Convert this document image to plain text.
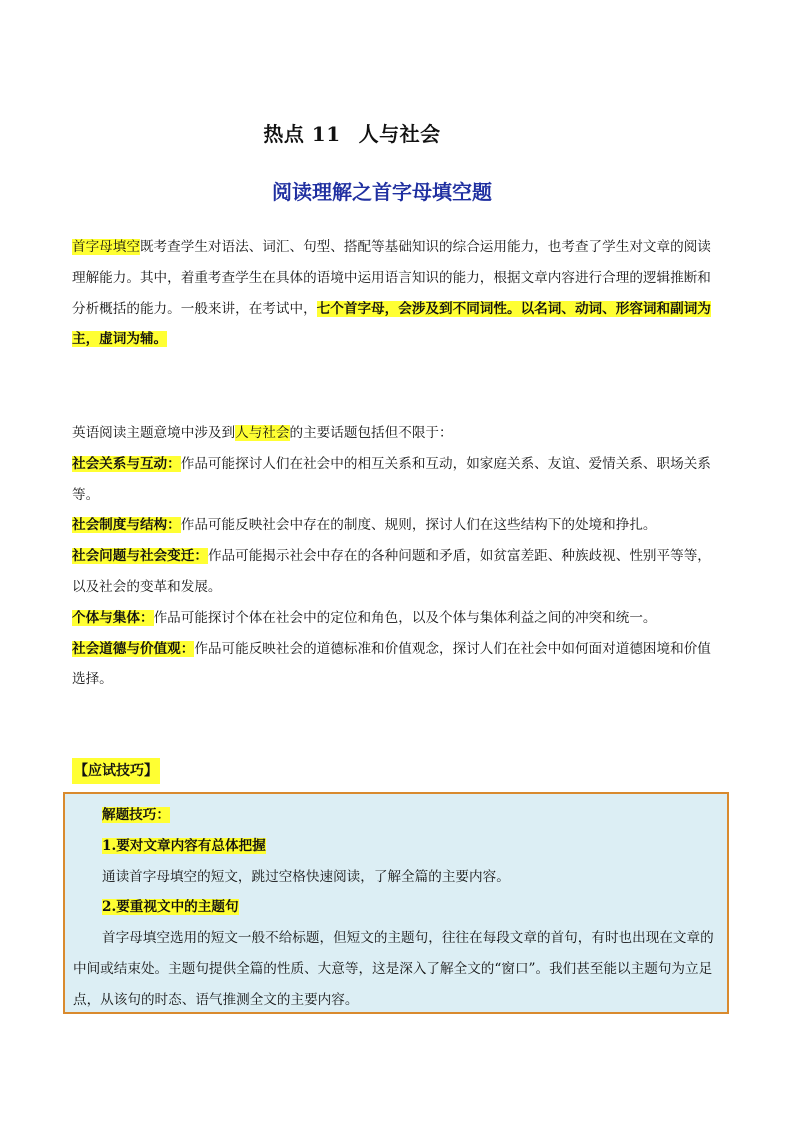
热点 11 人与社会
阅读理解之首字母填空题
首字母填空既考查学生对语法、词汇、句型、搭配等基础知识的综合运用能力，也考查了学生对文章的阅读理解能力。其中，着重考查学生在具体的语境中运用语言知识的能力，根据文章内容进行合理的逻辑推断和分析概括的能力。一般来讲，在考试中，七个首字母，会涉及到不同词性。以名词、动词、形容词和副词为主，虚词为辅。
英语阅读主题意境中涉及到人与社会的主要话题包括但不限于：
社会关系与互动：作品可能探讨人们在社会中的相互关系和互动，如家庭关系、友谊、爱情关系、职场关系等。
社会制度与结构：作品可能反映社会中存在的制度、规则，探讨人们在这些结构下的处境和挣扎。
社会问题与社会变迁：作品可能揭示社会中存在的各种问题和矛盾，如贫富差距、种族歧视、性别平等等，以及社会的变革和发展。
个体与集体：作品可能探讨个体在社会中的定位和角色，以及个体与集体利益之间的冲突和统一。
社会道德与价值观：作品可能反映社会的道德标准和价值观念，探讨人们在社会中如何面对道德困境和价值选择。
【应试技巧】
解题技巧：
1.要对文章内容有总体把握
通读首字母填空的短文，跳过空格快速阅读，了解全篇的主要内容。
2.要重视文中的主题句
首字母填空选用的短文一般不给标题，但短文的主题句，往往在每段文章的首句，有时也出现在文章的中间或结束处。主题句提供全篇的性质、大意等，这是深入了解全文的“窗口”。我们甚至能以主题句为立足点，从该句的时态、语气推测全文的主要内容。
